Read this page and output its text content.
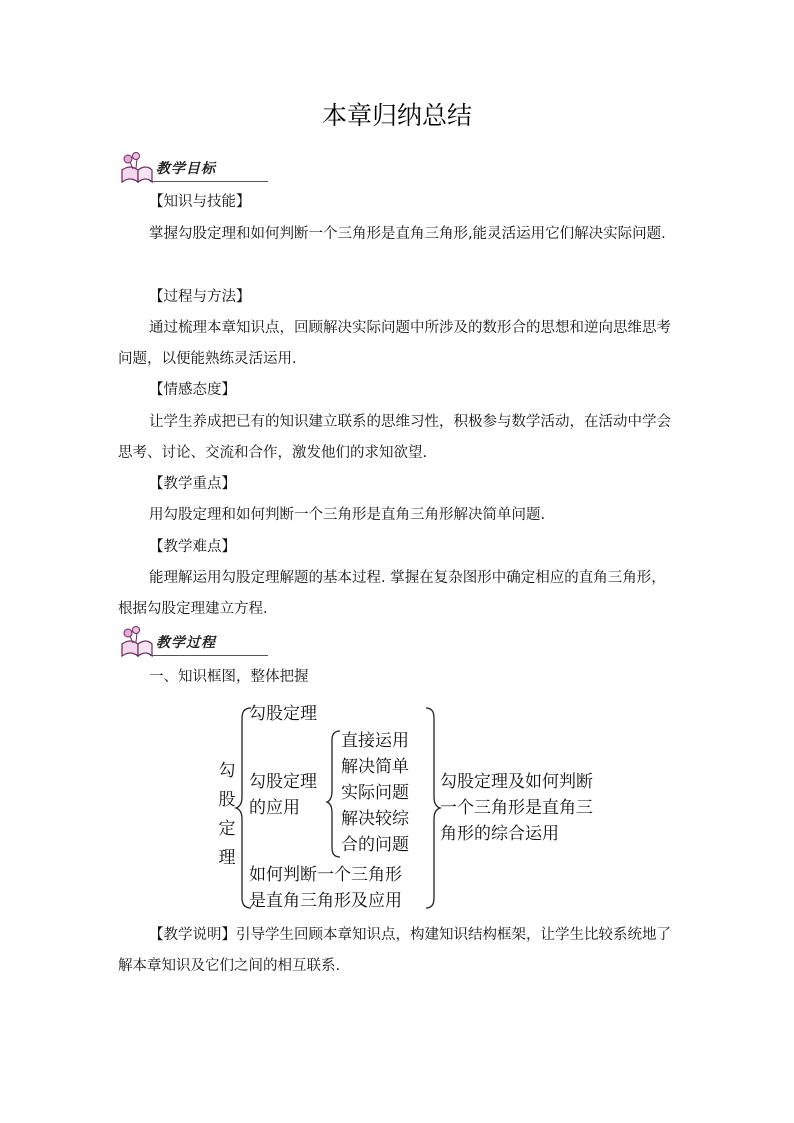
本章归纳总结
教学目标
【知识与技能】

掌握勾股定理和如何判断一个三角形是直角三角形,能灵活运用它们解决实际问题.

【过程与方法】

通过梳理本章知识点，回顾解决实际问题中所涉及的数形合的思想和逆向思维思考问题，以便能熟练灵活运用.

【情感态度】

让学生养成把已有的知识建立联系的思维习性，积极参与数学活动，在活动中学会思考、讨论、交流和合作，激发他们的求知欲望.

【教学重点】

用勾股定理和如何判断一个三角形是直角三角形解决简单问题.

【教学难点】

能理解运用勾股定理解题的基本过程. 掌握在复杂图形中确定相应的直角三角形，根据勾股定理建立方程.

教学过程
一、知识框图，整体把握
勾
股
定
理
勾股定理
勾股定理
的应用
直接运用
解决简单
实际问题
解决较综
合的问题
如何判断一个三角形
是直角三角形及应用
勾股定理及如何判断
一个三角形是直角三
角形的综合运用

【教学说明】引导学生回顾本章知识点，构建知识结构框架，让学生比较系统地了解本章知识及它们之间的相互联系.
